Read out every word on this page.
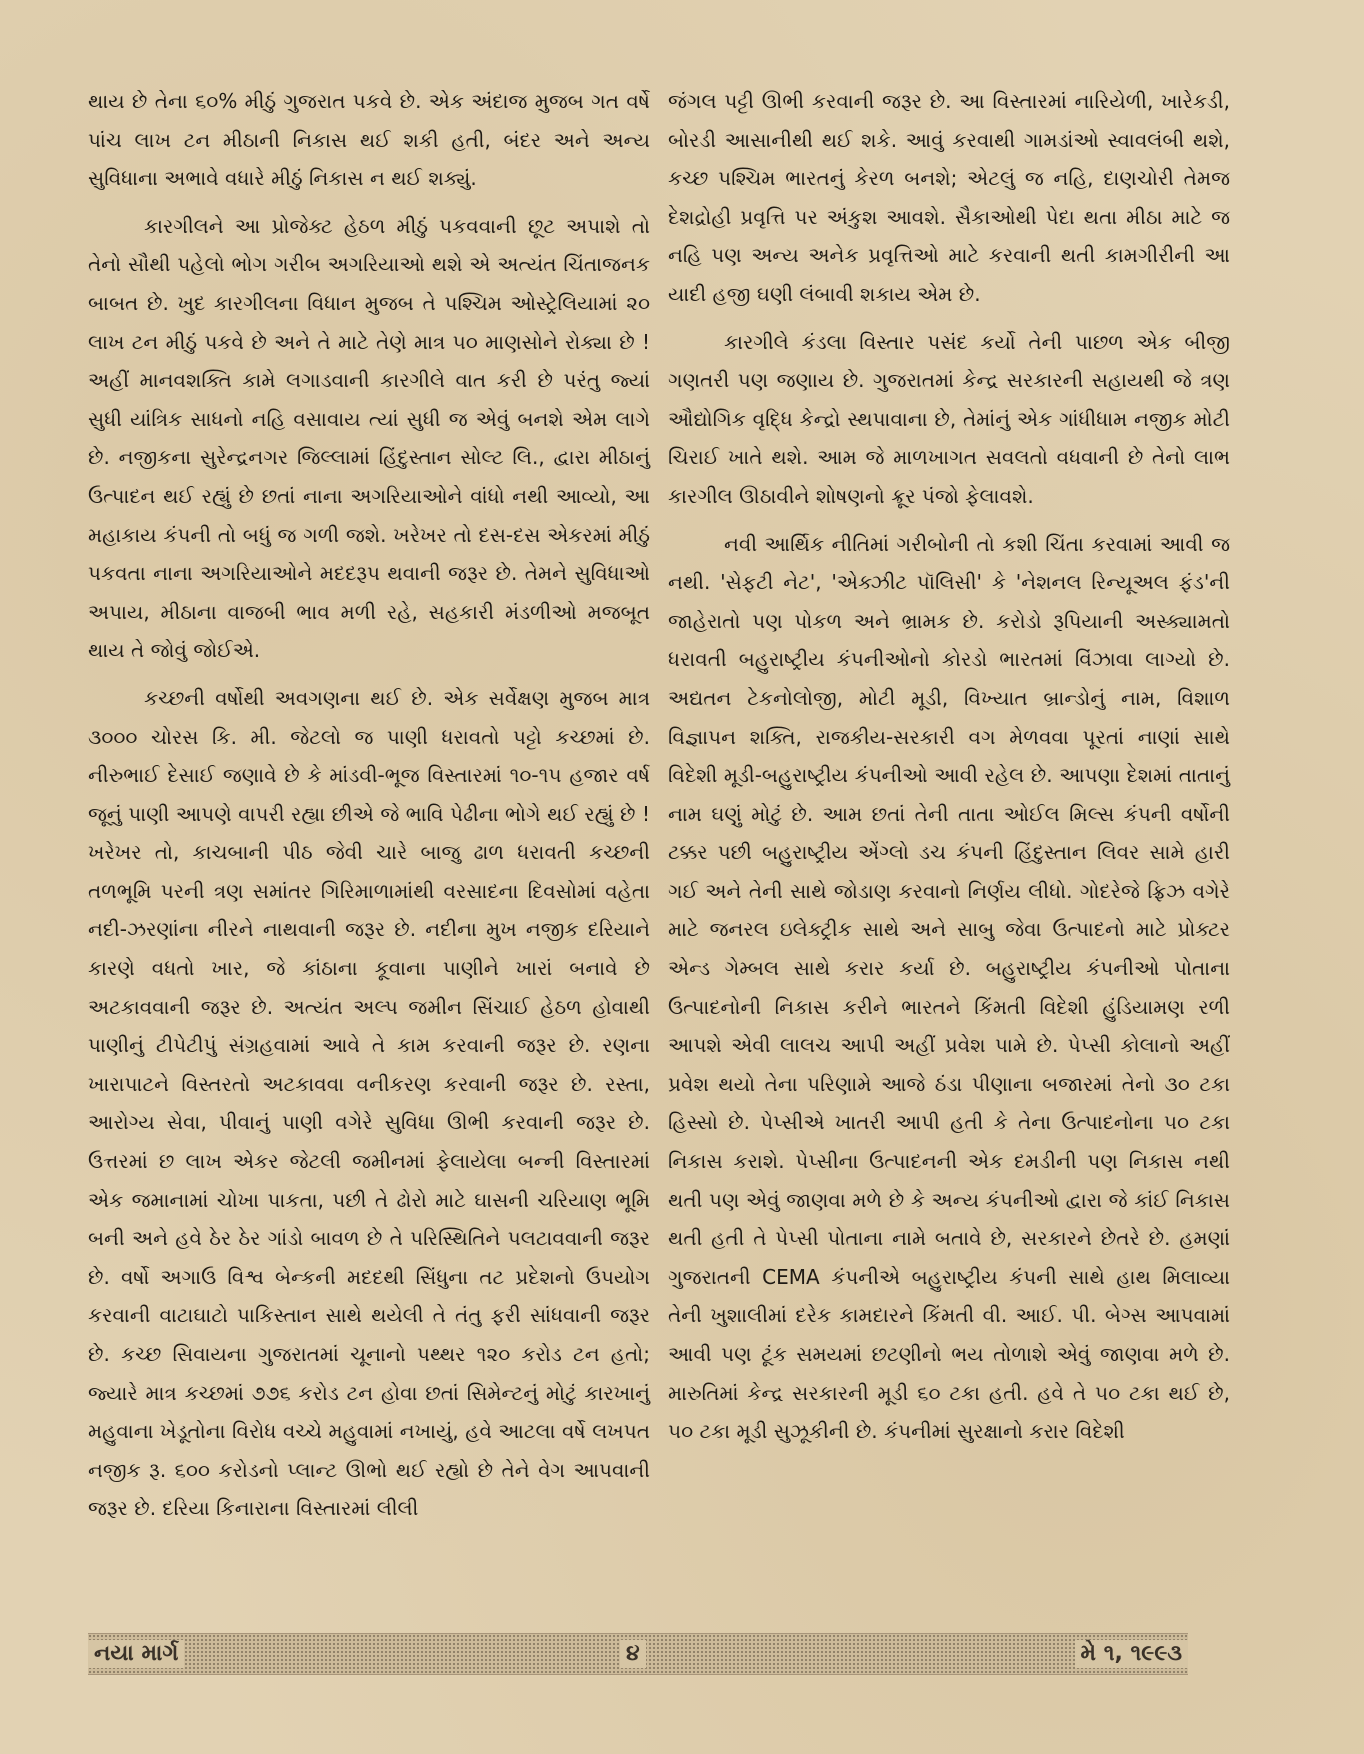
થાય છે તેના ૬૦% મીઠું ગુજરાત પકવે છે. એક અંદાજ મુજબ ગત વર્ષે પાંચ લાખ ટન મીઠાની નિકાસ થઈ શકી હતી, બંદર અને અન્ય સુવિધાના અભાવે વધારે મીઠું નિકાસ ન થઈ શક્યું.

કારગીલને આ પ્રોજેક્ટ હેઠળ મીઠું પકવવાની છૂટ અપાશે તો તેનો સૌથી પહેલો ભોગ ગરીબ અગરિયાઓ થશે એ અત્યંત ચિંતાજનક બાબત છે. ખુદ કારગીલના વિધાન મુજબ તે પશ્ચિમ ઓસ્ટ્રેલિયામાં ૨૦ લાખ ટન મીઠું પકવે છે અને તે માટે તેણે માત્ર ૫૦ માણસોને રોક્યા છે ! અહીં માનવશક્તિ કામે લગાડવાની કારગીલે વાત કરી છે પરંતુ જ્યાં સુધી યાંત્રિક સાધનો નહિ વસાવાય ત્યાં સુધી જ એવું બનશે એમ લાગે છે. નજીકના સુરેન્દ્રનગર જિલ્લામાં હિંદુસ્તાન સોલ્ટ લિ., દ્વારા મીઠાનું ઉત્પાદન થઈ રહ્યું છે છતાં નાના અગરિયાઓને વાંધો નથી આવ્યો, આ મહાકાય કંપની તો બધું જ ગળી જશે. ખરેખર તો દસ-દસ એકરમાં મીઠું પકવતા નાના અગરિયાઓને મદદરૂપ થવાની જરૂર છે. તેમને સુવિધાઓ અપાય, મીઠાના વાજબી ભાવ મળી રહે, સહકારી મંડળીઓ મજબૂત થાય તે જોવું જોઈએ.

કચ્છની વર્ષોથી અવગણના થઈ છે. એક સર્વેક્ષણ મુજબ માત્ર ૩૦૦૦ ચોરસ કિ. મી. જેટલો જ પાણી ધરાવતો પટ્ટો કચ્છમાં છે. નીરુભાઈ દેસાઈ જણાવે છે કે માંડવી-ભૂજ વિસ્તારમાં ૧૦-૧૫ હજાર વર્ષ જૂનું પાણી આપણે વાપરી રહ્યા છીએ જે ભાવિ પેઢીના ભોગે થઈ રહ્યું છે ! ખરેખર તો, કાચબાની પીઠ જેવી ચારે બાજુ ઢાળ ધરાવતી કચ્છની તળભૂમિ પરની ત્રણ સમાંતર ગિરિમાળામાંથી વરસાદના દિવસોમાં વહેતા નદી-ઝરણાંના નીરને નાથવાની જરૂર છે. નદીના મુખ નજીક દરિયાને કારણે વધતો ખાર, જે કાંઠાના કૂવાના પાણીને ખારાં બનાવે છે અટકાવવાની જરૂર છે. અત્યંત અલ્પ જમીન સિંચાઈ હેઠળ હોવાથી પાણીનું ટીપેટીપું સંગ્રહવામાં આવે તે કામ કરવાની જરૂર છે. રણના ખારાપાટને વિસ્તરતો અટકાવવા વનીકરણ કરવાની જરૂર છે. રસ્તા, આરોગ્ય સેવા, પીવાનું પાણી વગેરે સુવિધા ઊભી કરવાની જરૂર છે. ઉત્તરમાં છ લાખ એકર જેટલી જમીનમાં ફેલાયેલા બન્ની વિસ્તારમાં એક જમાનામાં ચોખા પાકતા, પછી તે ઢોરો માટે ઘાસની ચરિયાણ ભૂમિ બની અને હવે ઠેર ઠેર ગાંડો બાવળ છે તે પરિસ્થિતિને પલટાવવાની જરૂર છે. વર્ષો અગાઉ વિશ્વ બેન્કની મદદથી સિંધુના તટ પ્રદેશનો ઉપયોગ કરવાની વાટાઘાટો પાકિસ્તાન સાથે થયેલી તે તંતુ ફરી સાંધવાની જરૂર છે. કચ્છ સિવાયના ગુજરાતમાં ચૂનાનો પથ્થર ૧૨૦ કરોડ ટન હતો; જ્યારે માત્ર કચ્છમાં ૭૭૬ કરોડ ટન હોવા છતાં સિમેન્ટનું મોટું કારખાનું મહુવાના ખેડૂતોના વિરોધ વચ્ચે મહુવામાં નખાયું, હવે આટલા વર્ષે લખપત નજીક રૂ. ૬૦૦ કરોડનો પ્લાન્ટ ઊભો થઈ રહ્યો છે તેને વેગ આપવાની જરૂર છે. દરિયા કિનારાના વિસ્તારમાં લીલી

જંગલ પટ્ટી ઊભી કરવાની જરૂર છે. આ વિસ્તારમાં નારિયેળી, ખારેકડી, બોરડી આસાનીથી થઈ શકે. આવું કરવાથી ગામડાંઓ સ્વાવલંબી થશે, કચ્છ પશ્ચિમ ભારતનું કેરળ બનશે; એટલું જ નહિ, દાણચોરી તેમજ દેશદ્રોહી પ્રવૃત્તિ પર અંકુશ આવશે. સૈકાઓથી પેદા થતા મીઠા માટે જ નહિ પણ અન્ય અનેક પ્રવૃત્તિઓ માટે કરવાની થતી કામગીરીની આ યાદી હજી ઘણી લંબાવી શકાય એમ છે.

કારગીલે કંડલા વિસ્તાર પસંદ કર્યો તેની પાછળ એક બીજી ગણતરી પણ જણાય છે. ગુજરાતમાં કેન્દ્ર સરકારની સહાયથી જે ત્રણ ઔદ્યોગિક વૃદ્ધિ કેન્દ્રો સ્થપાવાના છે, તેમાંનું એક ગાંધીધામ નજીક મોટી ચિરાઈ ખાતે થશે. આમ જે માળખાગત સવલતો વધવાની છે તેનો લાભ કારગીલ ઊઠાવીને શોષણનો ક્રૂર પંજો ફેલાવશે.

નવી આર્થિક નીતિમાં ગરીબોની તો કશી ચિંતા કરવામાં આવી જ નથી. 'સેફટી નેટ', 'એક્ઝીટ પૉલિસી' કે 'નેશનલ રિન્યૂઅલ ફંડ'ની જાહેરાતો પણ પોકળ અને ભ્રામક છે. કરોડો રૂપિયાની અસ્ક્યામતો ધરાવતી બહુરાષ્ટ્રીય કંપનીઓનો કોરડો ભારતમાં વિંઝાવા લાગ્યો છે. અદ્યતન ટેકનોલોજી, મોટી મૂડી, વિખ્યાત બ્રાન્ડોનું નામ, વિશાળ વિજ્ઞાપન શક્તિ, રાજકીય-સરકારી વગ મેળવવા પૂરતાં નાણાં સાથે વિદેશી મૂડી-બહુરાષ્ટ્રીય કંપનીઓ આવી રહેલ છે. આપણા દેશમાં તાતાનું નામ ઘણું મોટું છે. આમ છતાં તેની તાતા ઓઈલ મિલ્સ કંપની વર્ષોની ટક્કર પછી બહુરાષ્ટ્રીય એંગ્લો ડચ કંપની હિંદુસ્તાન લિવર સામે હારી ગઈ અને તેની સાથે જોડાણ કરવાનો નિર્ણય લીધો. ગોદરેજે ફ્રિઝ વગેરે માટે જનરલ ઇલેક્ટ્રીક સાથે અને સાબુ જેવા ઉત્પાદનો માટે પ્રોક્ટર એન્ડ ગેમ્બલ સાથે કરાર કર્યા છે. બહુરાષ્ટ્રીય કંપનીઓ પોતાના ઉત્પાદનોની નિકાસ કરીને ભારતને કિંમતી વિદેશી હુંડિયામણ રળી આપશે એવી લાલચ આપી અહીં પ્રવેશ પામે છે. પેપ્સી કોલાનો અહીં પ્રવેશ થયો તેના પરિણામે આજે ઠંડા પીણાના બજારમાં તેનો ૩૦ ટકા હિસ્સો છે. પેપ્સીએ ખાતરી આપી હતી કે તેના ઉત્પાદનોના ૫૦ ટકા નિકાસ કરાશે. પેપ્સીના ઉત્પાદનની એક દમડીની પણ નિકાસ નથી થતી પણ એવું જાણવા મળે છે કે અન્ય કંપનીઓ દ્વારા જે કાંઈ નિકાસ થતી હતી તે પેપ્સી પોતાના નામે બતાવે છે, સરકારને છેતરે છે. હમણાં ગુજરાતની CEMA કંપનીએ બહુરાષ્ટ્રીય કંપની સાથે હાથ મિલાવ્યા તેની ખુશાલીમાં દરેક કામદારને કિંમતી વી. આઈ. પી. બેગ્સ આપવામાં આવી પણ ટૂંક સમયમાં છટણીનો ભય તોળાશે એવું જાણવા મળે છે. મારુતિમાં કેન્દ્ર સરકારની મૂડી ૬૦ ટકા હતી. હવે તે ૫૦ ટકા થઈ છે, ૫૦ ટકા મૂડી સુઝૂકીની છે. કંપનીમાં સુરક્ષાનો કરાર વિદેશી

નયા માર્ગ	૪	મે ૧, ૧૯૯૩
